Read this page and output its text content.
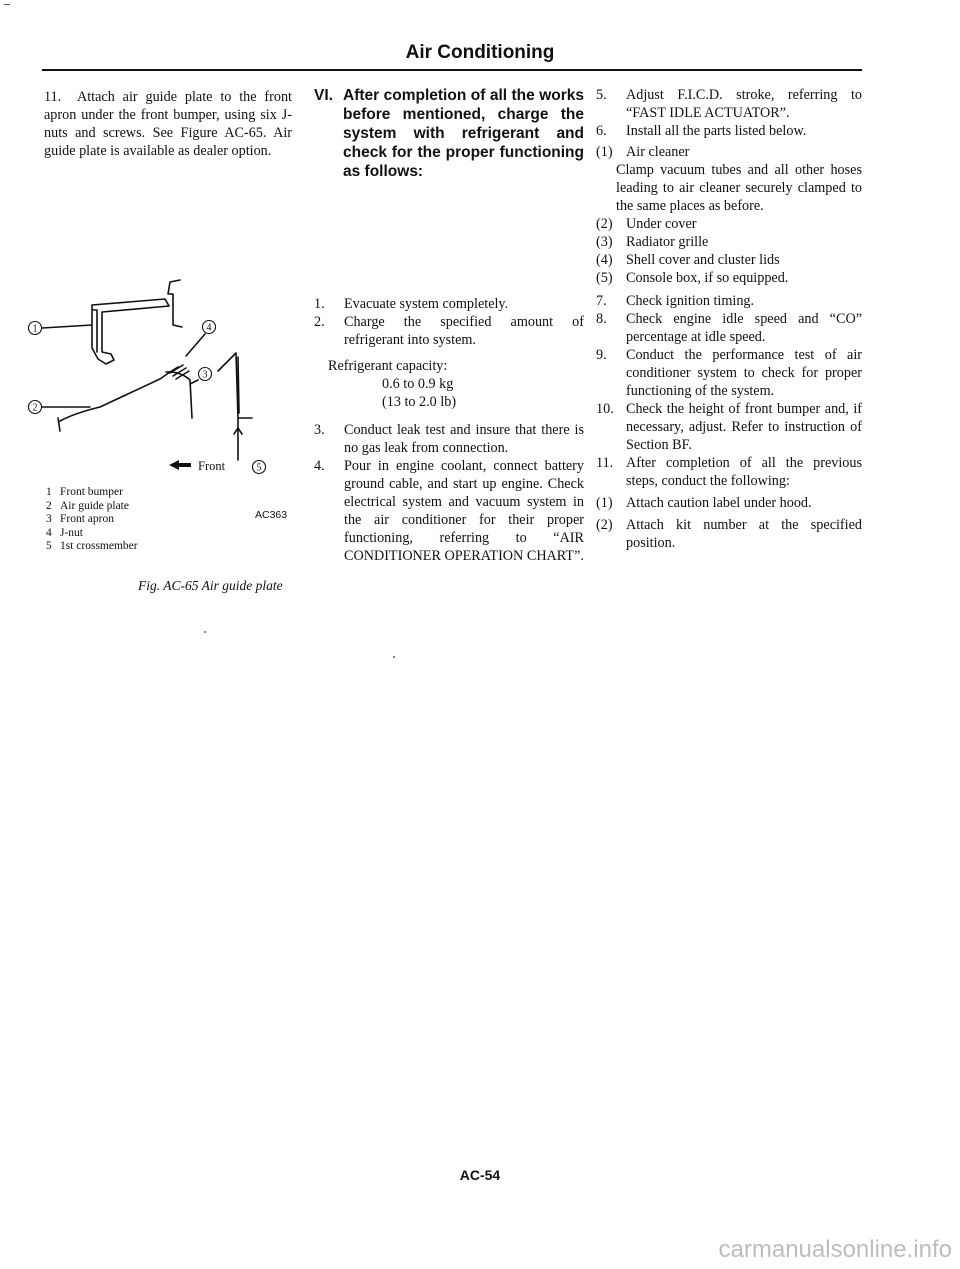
Air Conditioning

11. Attach air guide plate to the front apron under the front bumper, using six J-nuts and screws. See Figure AC-65. Air guide plate is available as dealer option.

Front
1
2
3
4
5
1 Front bumper
2 Air guide plate
3 Front apron
4 J-nut
5 1st crossmember
AC363
Fig. AC-65 Air guide plate
VI. After completion of all the works before mentioned, charge the system with refrigerant and check for the proper functioning as follows:
1.	Evacuate system completely.
2.	Charge the specified amount of refrigerant into system.
Refrigerant capacity:
0.6 to 0.9 kg
(13 to 2.0 lb)
3.	Conduct leak test and insure that there is no gas leak from connection.
4.	Pour in engine coolant, connect battery ground cable, and start up engine. Check electrical system and vacuum system in the air conditioner for their proper functioning, referring to “AIR CONDITIONER OPERATION CHART”.
5.	Adjust F.I.C.D. stroke, referring to “FAST IDLE ACTUATOR”.
6.	Install all the parts listed below.
(1) Air cleaner
Clamp vacuum tubes and all other hoses leading to air cleaner securely clamped to the same places as before.
(2) Under cover
(3) Radiator grille
(4) Shell cover and cluster lids
(5) Console box, if so equipped.
7.	Check ignition timing.
8.	Check engine idle speed and “CO” percentage at idle speed.
9.	Conduct the performance test of air conditioner system to check for proper functioning of the system.
10. Check the height of front bumper and, if necessary, adjust. Refer to instruction of Section BF.
11. After completion of all the previous steps, conduct the following:
(1) Attach caution label under hood.
(2) Attach kit number at the specified position.
AC-54
carmanualsonline.info
